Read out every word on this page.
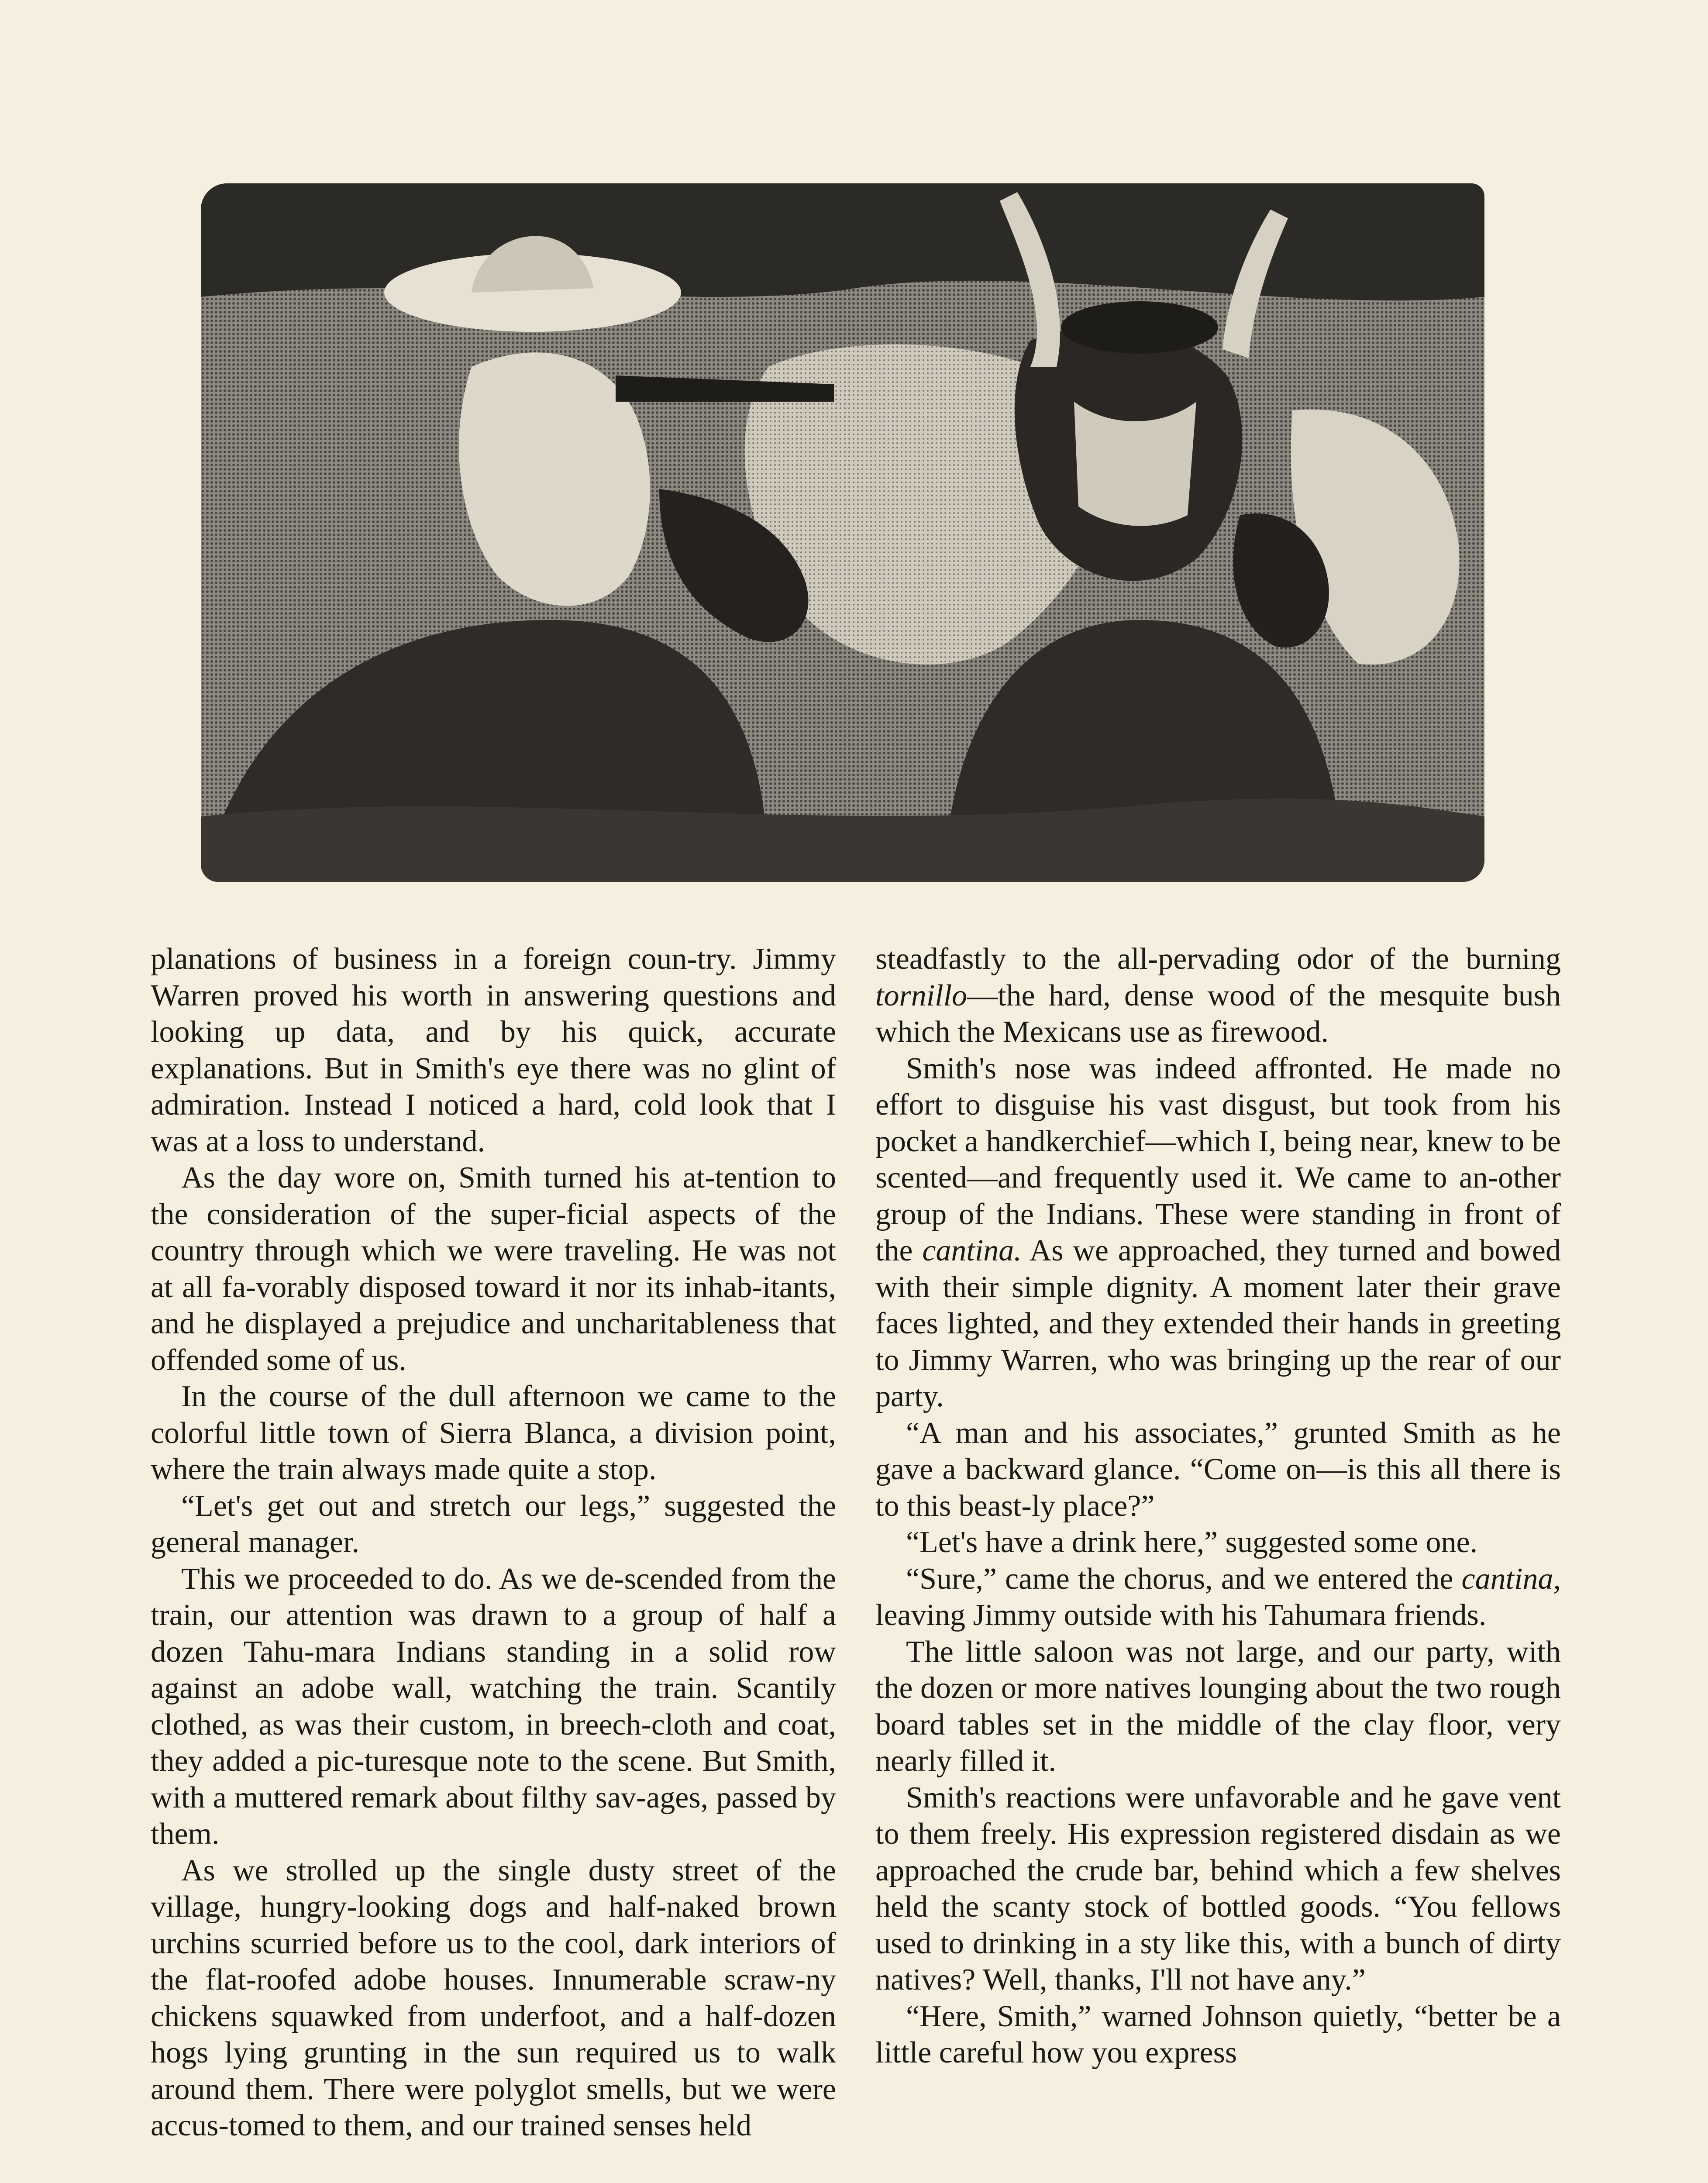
planations of business in a foreign coun-try. Jimmy Warren proved his worth in answering questions and looking up data, and by his quick, accurate explanations. But in Smith's eye there was no glint of admiration. Instead I noticed a hard, cold look that I was at a loss to understand.

As the day wore on, Smith turned his at-tention to the consideration of the super-ficial aspects of the country through which we were traveling. He was not at all fa-vorably disposed toward it nor its inhab-itants, and he displayed a prejudice and uncharitableness that offended some of us.

In the course of the dull afternoon we came to the colorful little town of Sierra Blanca, a division point, where the train always made quite a stop.

“Let's get out and stretch our legs,” suggested the general manager.

This we proceeded to do. As we de-scended from the train, our attention was drawn to a group of half a dozen Tahu-mara Indians standing in a solid row against an adobe wall, watching the train. Scantily clothed, as was their custom, in breech-cloth and coat, they added a pic-turesque note to the scene. But Smith, with a muttered remark about filthy sav-ages, passed by them.

As we strolled up the single dusty street of the village, hungry-looking dogs and half-naked brown urchins scurried before us to the cool, dark interiors of the flat-roofed adobe houses. Innumerable scraw-ny chickens squawked from underfoot, and a half-dozen hogs lying grunting in the sun required us to walk around them. There were polyglot smells, but we were accus-tomed to them, and our trained senses held

steadfastly to the all-pervading odor of the burning tornillo—the hard, dense wood of the mesquite bush which the Mexicans use as firewood.

Smith's nose was indeed affronted. He made no effort to disguise his vast disgust, but took from his pocket a handkerchief—which I, being near, knew to be scented—and frequently used it. We came to an-other group of the Indians. These were standing in front of the cantina. As we approached, they turned and bowed with their simple dignity. A moment later their grave faces lighted, and they extended their hands in greeting to Jimmy Warren, who was bringing up the rear of our party.

“A man and his associates,” grunted Smith as he gave a backward glance. “Come on—is this all there is to this beast-ly place?”

“Let's have a drink here,” suggested some one.

“Sure,” came the chorus, and we entered the cantina, leaving Jimmy outside with his Tahumara friends.

The little saloon was not large, and our party, with the dozen or more natives lounging about the two rough board tables set in the middle of the clay floor, very nearly filled it.

Smith's reactions were unfavorable and he gave vent to them freely. His expression registered disdain as we approached the crude bar, behind which a few shelves held the scanty stock of bottled goods. “You fellows used to drinking in a sty like this, with a bunch of dirty natives? Well, thanks, I'll not have any.”

“Here, Smith,” warned Johnson quietly, “better be a little careful how you express
